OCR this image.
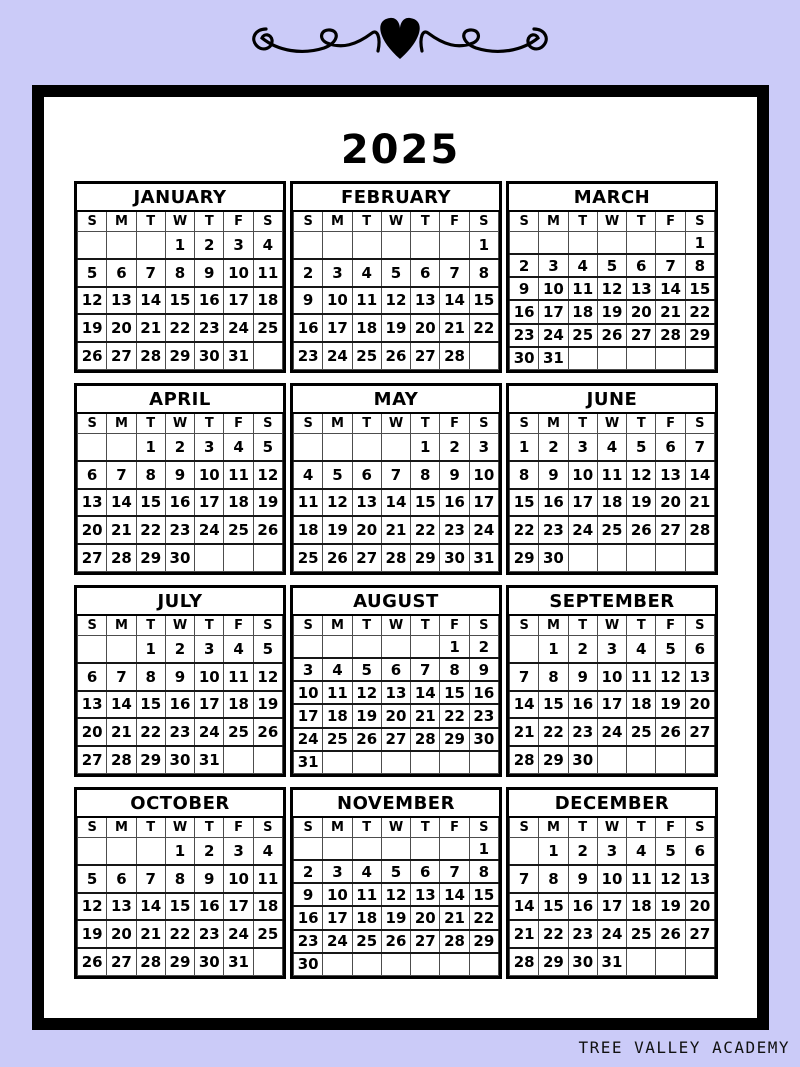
2025
JANUARY						
S	M	T	W	T	F	S
			1	2	3	4
5	6	7	8	9	10	11
12	13	14	15	16	17	18
19	20	21	22	23	24	25
26	27	28	29	30	31	
FEBRUARY						
S	M	T	W	T	F	S
						1
2	3	4	5	6	7	8
9	10	11	12	13	14	15
16	17	18	19	20	21	22
23	24	25	26	27	28	
MARCH						
S	M	T	W	T	F	S
						1
2	3	4	5	6	7	8
9	10	11	12	13	14	15
16	17	18	19	20	21	22
23	24	25	26	27	28	29
30	31					
APRIL						
S	M	T	W	T	F	S
		1	2	3	4	5
6	7	8	9	10	11	12
13	14	15	16	17	18	19
20	21	22	23	24	25	26
27	28	29	30			
MAY						
S	M	T	W	T	F	S
				1	2	3
4	5	6	7	8	9	10
11	12	13	14	15	16	17
18	19	20	21	22	23	24
25	26	27	28	29	30	31
JUNE						
S	M	T	W	T	F	S
1	2	3	4	5	6	7
8	9	10	11	12	13	14
15	16	17	18	19	20	21
22	23	24	25	26	27	28
29	30					
JULY						
S	M	T	W	T	F	S
		1	2	3	4	5
6	7	8	9	10	11	12
13	14	15	16	17	18	19
20	21	22	23	24	25	26
27	28	29	30	31		
AUGUST						
S	M	T	W	T	F	S
					1	2
3	4	5	6	7	8	9
10	11	12	13	14	15	16
17	18	19	20	21	22	23
24	25	26	27	28	29	30
31						
SEPTEMBER						
S	M	T	W	T	F	S
	1	2	3	4	5	6
7	8	9	10	11	12	13
14	15	16	17	18	19	20
21	22	23	24	25	26	27
28	29	30				
OCTOBER						
S	M	T	W	T	F	S
			1	2	3	4
5	6	7	8	9	10	11
12	13	14	15	16	17	18
19	20	21	22	23	24	25
26	27	28	29	30	31	
NOVEMBER						
S	M	T	W	T	F	S
						1
2	3	4	5	6	7	8
9	10	11	12	13	14	15
16	17	18	19	20	21	22
23	24	25	26	27	28	29
30						
DECEMBER						
S	M	T	W	T	F	S
	1	2	3	4	5	6
7	8	9	10	11	12	13
14	15	16	17	18	19	20
21	22	23	24	25	26	27
28	29	30	31			
TREE VALLEY ACADEMY
